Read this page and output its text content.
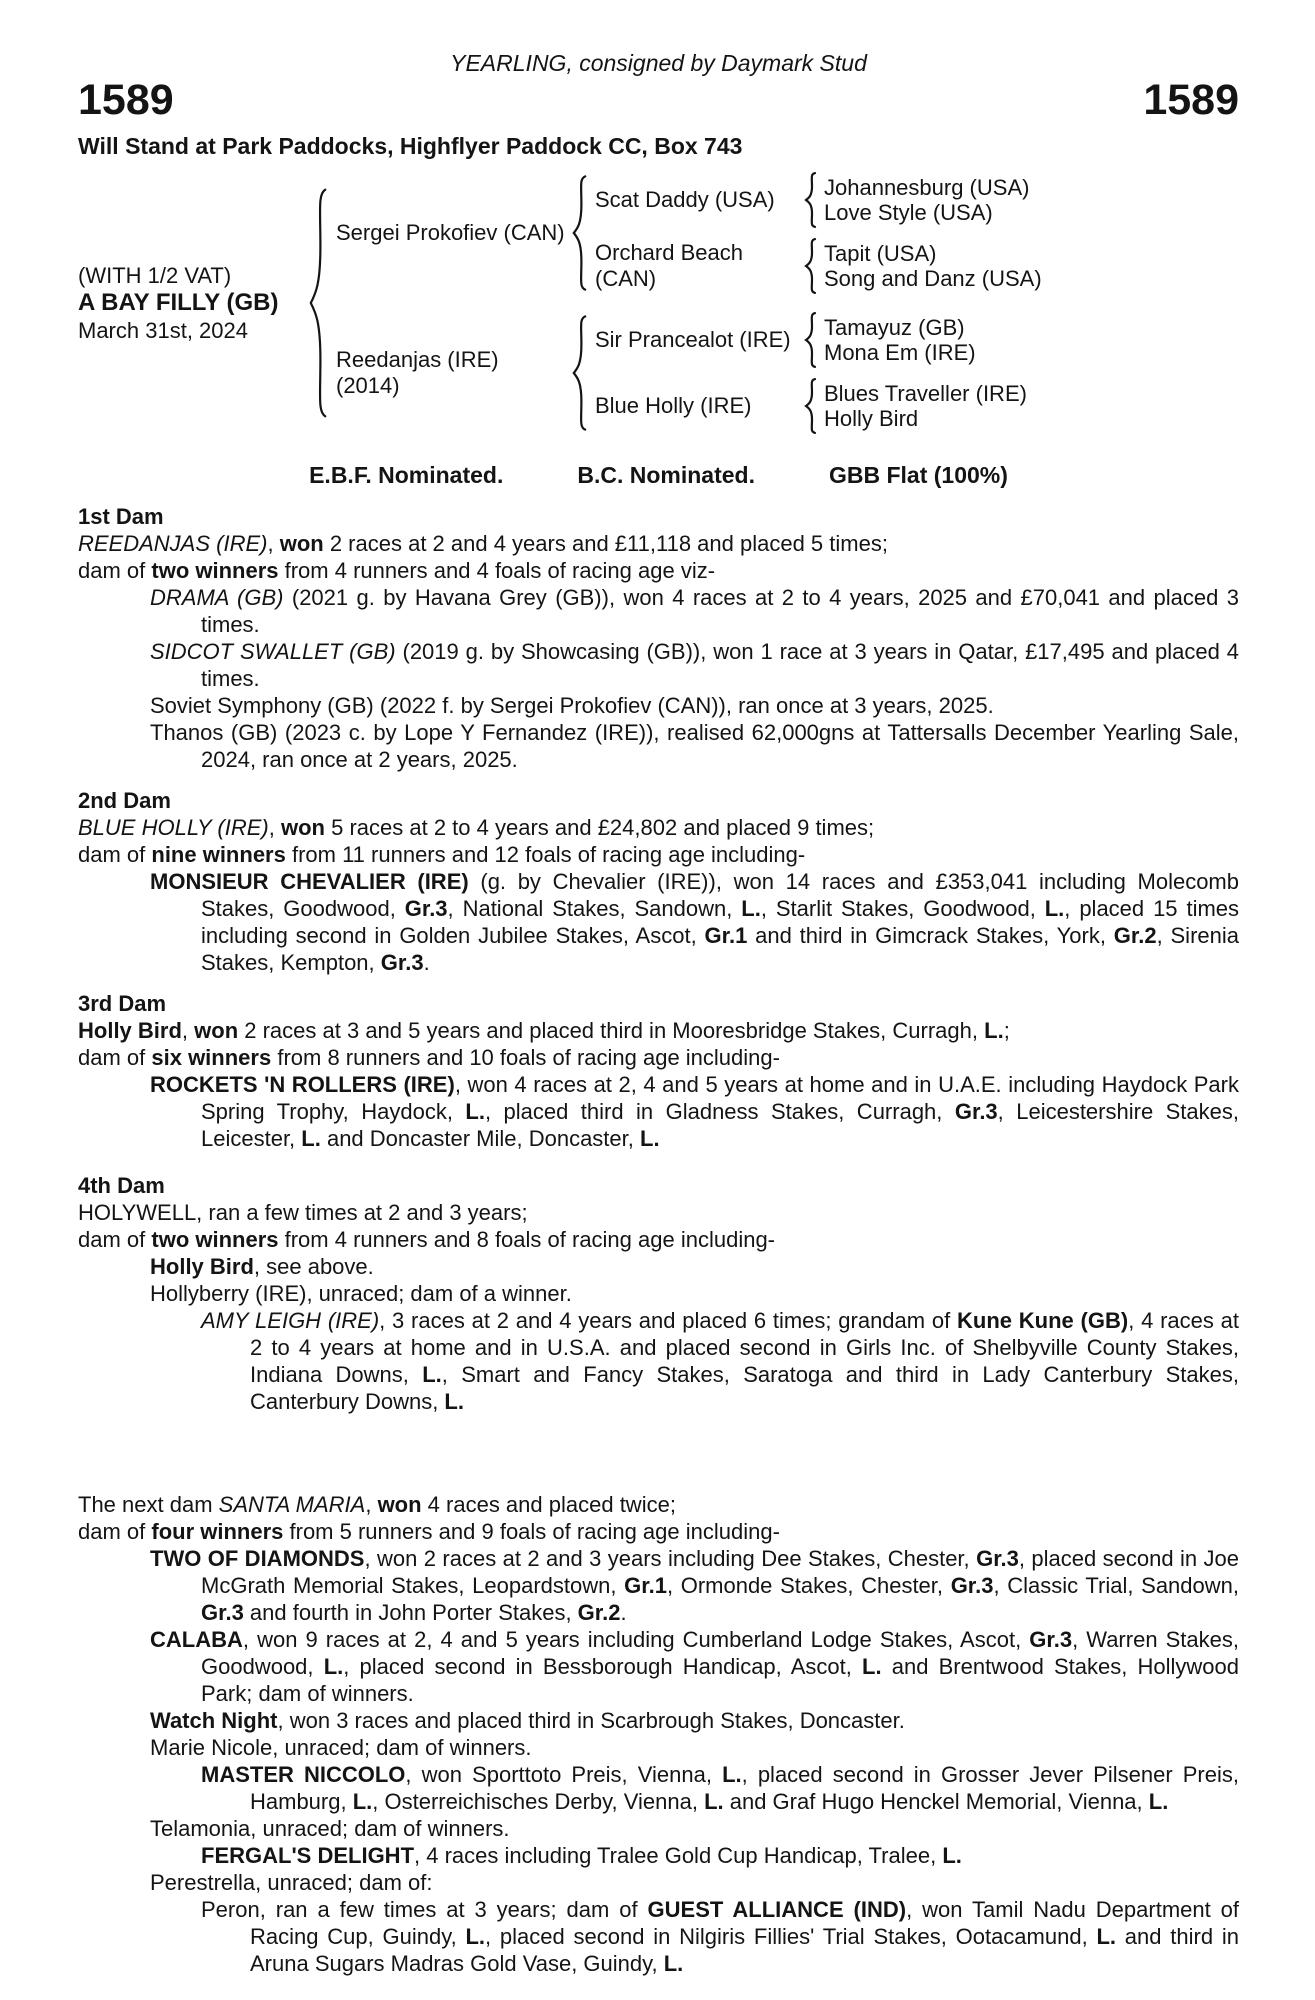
YEARLING, consigned by Daymark Stud
1589	1589
Will Stand at Park Paddocks, Highflyer Paddock CC, Box 743
(WITH 1/2 VAT)
A BAY FILLY (GB)
March 31st, 2024
Sergei Prokofiev (CAN)
Scat Daddy (USA)	Johannesburg (USA)
Love Style (USA)
Orchard Beach (CAN)
Tapit (USA)
Song and Danz (USA)
Reedanjas (IRE)
(2014)
Sir Prancealot (IRE)	Tamayuz (GB)
Mona Em (IRE)
Blue Holly (IRE)	Blues Traveller (IRE)
Holly Bird
E.B.F. Nominated.	B.C. Nominated.	GBB Flat (100%)
1st Dam
REEDANJAS (IRE), won 2 races at 2 and 4 years and £11,118 and placed 5 times;
dam of two winners from 4 runners and 4 foals of racing age viz-
DRAMA (GB) (2021 g. by Havana Grey (GB)), won 4 races at 2 to 4 years, 2025 and £70,041 and placed 3 times.
SIDCOT SWALLET (GB) (2019 g. by Showcasing (GB)), won 1 race at 3 years in Qatar, £17,495 and placed 4 times.
Soviet Symphony (GB) (2022 f. by Sergei Prokofiev (CAN)), ran once at 3 years, 2025.
Thanos (GB) (2023 c. by Lope Y Fernandez (IRE)), realised 62,000gns at Tattersalls December Yearling Sale, 2024, ran once at 2 years, 2025.
2nd Dam
BLUE HOLLY (IRE), won 5 races at 2 to 4 years and £24,802 and placed 9 times;
dam of nine winners from 11 runners and 12 foals of racing age including-
MONSIEUR CHEVALIER (IRE) (g. by Chevalier (IRE)), won 14 races and £353,041 including Molecomb Stakes, Goodwood, Gr.3, National Stakes, Sandown, L., Starlit Stakes, Goodwood, L., placed 15 times including second in Golden Jubilee Stakes, Ascot, Gr.1 and third in Gimcrack Stakes, York, Gr.2, Sirenia Stakes, Kempton, Gr.3.
3rd Dam
Holly Bird, won 2 races at 3 and 5 years and placed third in Mooresbridge Stakes, Curragh, L.;
dam of six winners from 8 runners and 10 foals of racing age including-
ROCKETS 'N ROLLERS (IRE), won 4 races at 2, 4 and 5 years at home and in U.A.E. including Haydock Park Spring Trophy, Haydock, L., placed third in Gladness Stakes, Curragh, Gr.3, Leicestershire Stakes, Leicester, L. and Doncaster Mile, Doncaster, L.
4th Dam
HOLYWELL, ran a few times at 2 and 3 years;
dam of two winners from 4 runners and 8 foals of racing age including-
Holly Bird, see above.
Hollyberry (IRE), unraced; dam of a winner.
AMY LEIGH (IRE), 3 races at 2 and 4 years and placed 6 times; grandam of Kune Kune (GB), 4 races at 2 to 4 years at home and in U.S.A. and placed second in Girls Inc. of Shelbyville County Stakes, Indiana Downs, L., Smart and Fancy Stakes, Saratoga and third in Lady Canterbury Stakes, Canterbury Downs, L.
The next dam SANTA MARIA, won 4 races and placed twice;
dam of four winners from 5 runners and 9 foals of racing age including-
TWO OF DIAMONDS, won 2 races at 2 and 3 years including Dee Stakes, Chester, Gr.3, placed second in Joe McGrath Memorial Stakes, Leopardstown, Gr.1, Ormonde Stakes, Chester, Gr.3, Classic Trial, Sandown, Gr.3 and fourth in John Porter Stakes, Gr.2.
CALABA, won 9 races at 2, 4 and 5 years including Cumberland Lodge Stakes, Ascot, Gr.3, Warren Stakes, Goodwood, L., placed second in Bessborough Handicap, Ascot, L. and Brentwood Stakes, Hollywood Park; dam of winners.
Watch Night, won 3 races and placed third in Scarbrough Stakes, Doncaster.
Marie Nicole, unraced; dam of winners.
MASTER NICCOLO, won Sporttoto Preis, Vienna, L., placed second in Grosser Jever Pilsener Preis, Hamburg, L., Osterreichisches Derby, Vienna, L. and Graf Hugo Henckel Memorial, Vienna, L.
Telamonia, unraced; dam of winners.
FERGAL'S DELIGHT, 4 races including Tralee Gold Cup Handicap, Tralee, L.
Perestrella, unraced; dam of:
Peron, ran a few times at 3 years; dam of GUEST ALLIANCE (IND), won Tamil Nadu Department of Racing Cup, Guindy, L., placed second in Nilgiris Fillies' Trial Stakes, Ootacamund, L. and third in Aruna Sugars Madras Gold Vase, Guindy, L.
